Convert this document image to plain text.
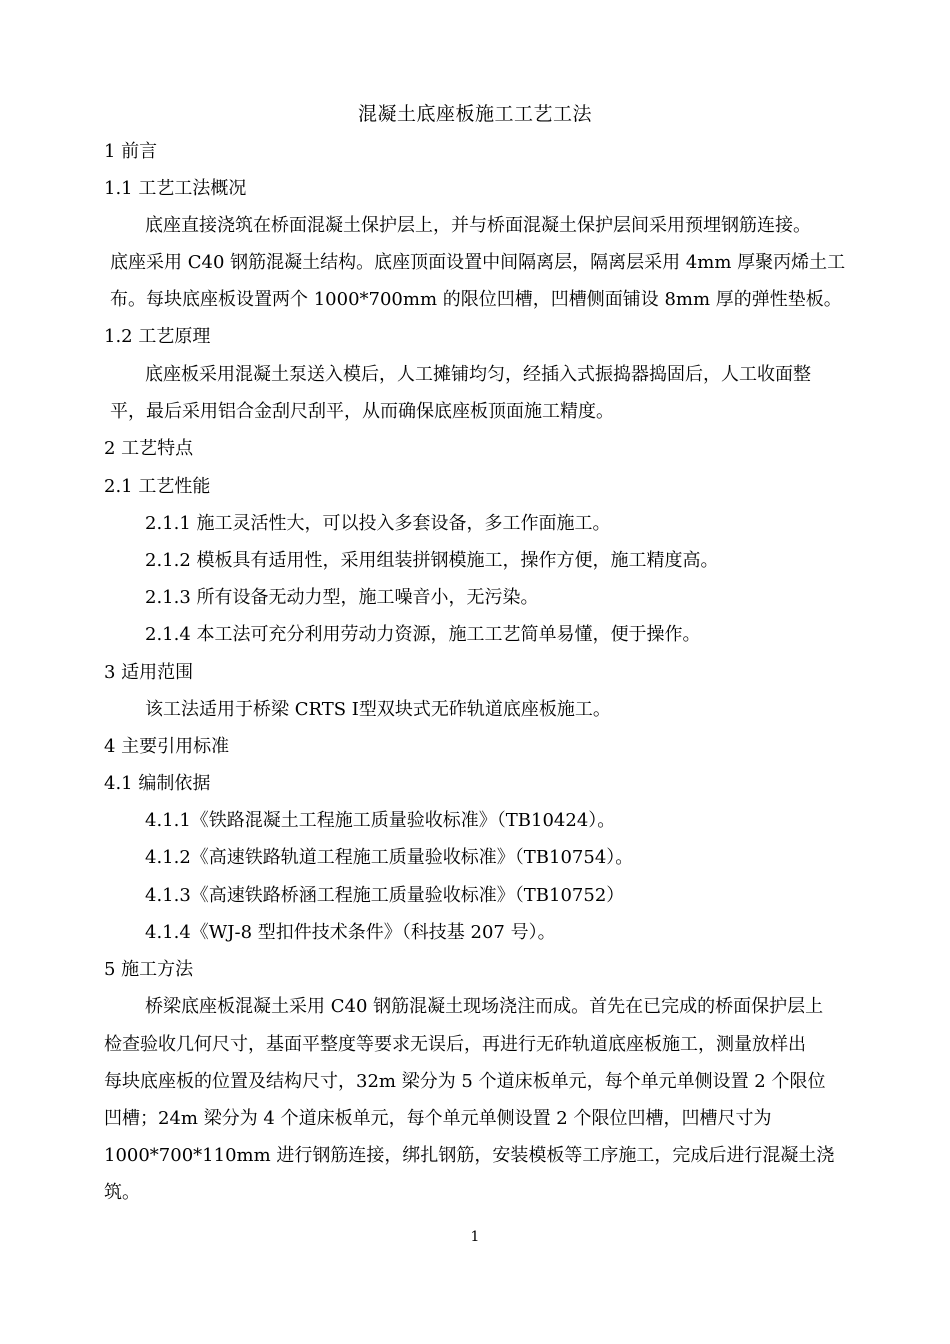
混凝土底座板施工工艺工法
1 前言
1.1 工艺工法概况
底座直接浇筑在桥面混凝土保护层上，并与桥面混凝土保护层间采用预埋钢筋连接。
底座采用 C40 钢筋混凝土结构。底座顶面设置中间隔离层，隔离层采用 4mm 厚聚丙烯土工
布。每块底座板设置两个 1000*700mm 的限位凹槽，凹槽侧面铺设 8mm 厚的弹性垫板。
1.2 工艺原理
底座板采用混凝土泵送入模后，人工摊铺均匀，经插入式振捣器捣固后，人工收面整
平，最后采用铝合金刮尺刮平，从而确保底座板顶面施工精度。
2 工艺特点
2.1 工艺性能
2.1.1 施工灵活性大，可以投入多套设备，多工作面施工。
2.1.2 模板具有适用性，采用组装拼钢模施工，操作方便，施工精度高。
2.1.3 所有设备无动力型，施工噪音小，无污染。
2.1.4 本工法可充分利用劳动力资源，施工工艺简单易懂，便于操作。
3 适用范围
该工法适用于桥梁 CRTS Ⅰ型双块式无砟轨道底座板施工。
4 主要引用标准
4.1 编制依据
4.1.1《铁路混凝土工程施工质量验收标准》（TB10424）。
4.1.2《高速铁路轨道工程施工质量验收标准》（TB10754）。
4.1.3《高速铁路桥涵工程施工质量验收标准》（TB10752）
4.1.4《WJ-8 型扣件技术条件》（科技基 207 号）。
5 施工方法
桥梁底座板混凝土采用 C40 钢筋混凝土现场浇注而成。首先在已完成的桥面保护层上
检查验收几何尺寸，基面平整度等要求无误后，再进行无砟轨道底座板施工，测量放样出
每块底座板的位置及结构尺寸，32m 梁分为 5 个道床板单元，每个单元单侧设置 2 个限位
凹槽；24m 梁分为 4 个道床板单元，每个单元单侧设置 2 个限位凹槽，凹槽尺寸为
1000*700*110mm 进行钢筋连接，绑扎钢筋，安装模板等工序施工，完成后进行混凝土浇
筑。
1
